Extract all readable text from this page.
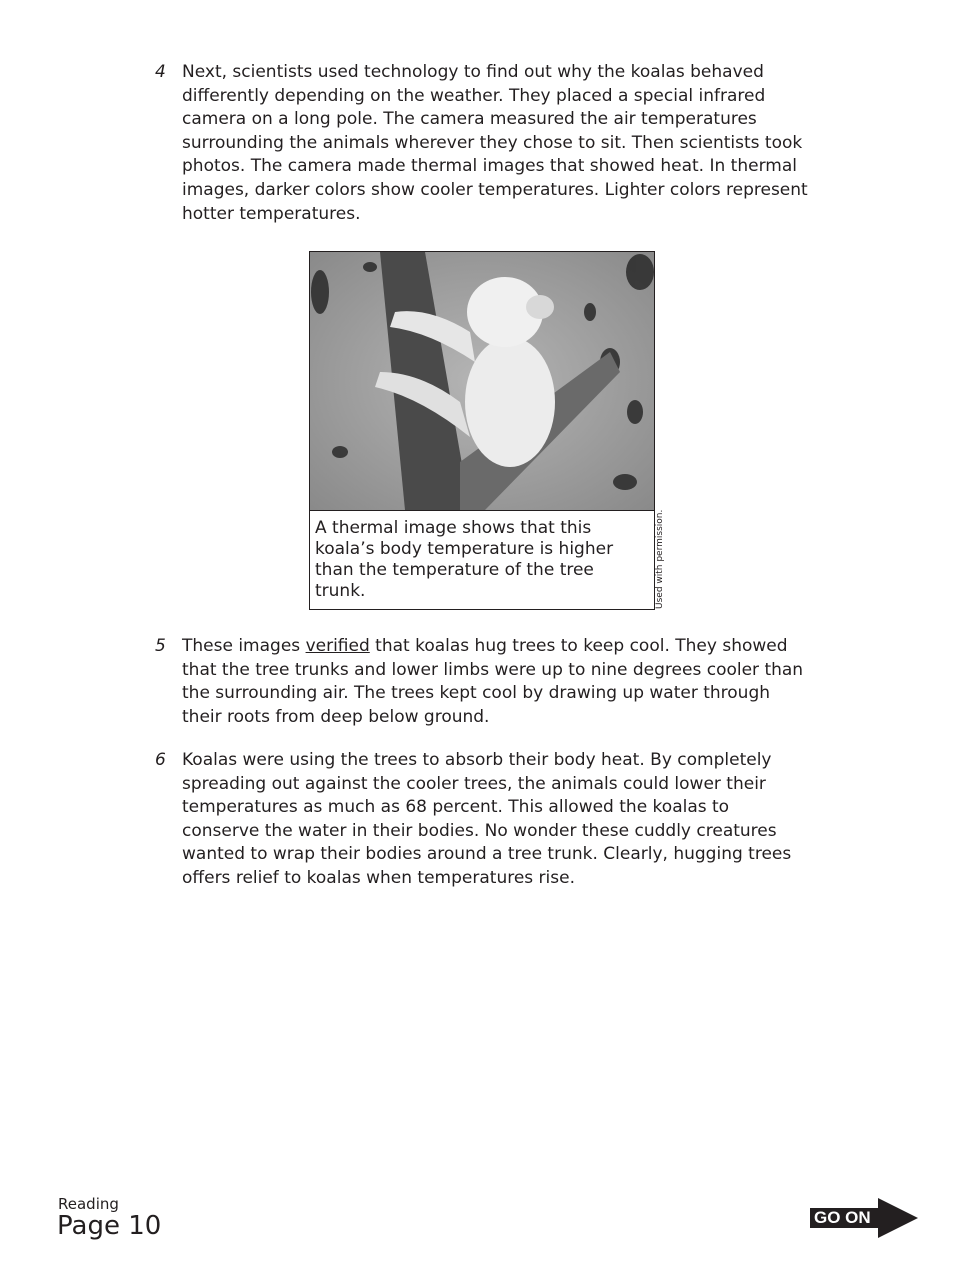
4 Next, scientists used technology to find out why the koalas behaved
differently depending on the weather. They placed a special infrared
camera on a long pole. The camera measured the air temperatures
surrounding the animals wherever they chose to sit. Then scientists took
photos. The camera made thermal images that showed heat. In thermal
images, darker colors show cooler temperatures. Lighter colors represent
hotter temperatures.
A thermal image shows that this
koala’s body temperature is higher
than the temperature of the tree
trunk.	Used with permission.
5 These images verified that koalas hug trees to keep cool. They showed
that the tree trunks and lower limbs were up to nine degrees cooler than
the surrounding air. The trees kept cool by drawing up water through
their roots from deep below ground.
6 Koalas were using the trees to absorb their body heat. By completely
spreading out against the cooler trees, the animals could lower their
temperatures as much as 68 percent. This allowed the koalas to
conserve the water in their bodies. No wonder these cuddly creatures
wanted to wrap their bodies around a tree trunk. Clearly, hugging trees
offers relief to koalas when temperatures rise.
Reading
Page 10	GO ON
